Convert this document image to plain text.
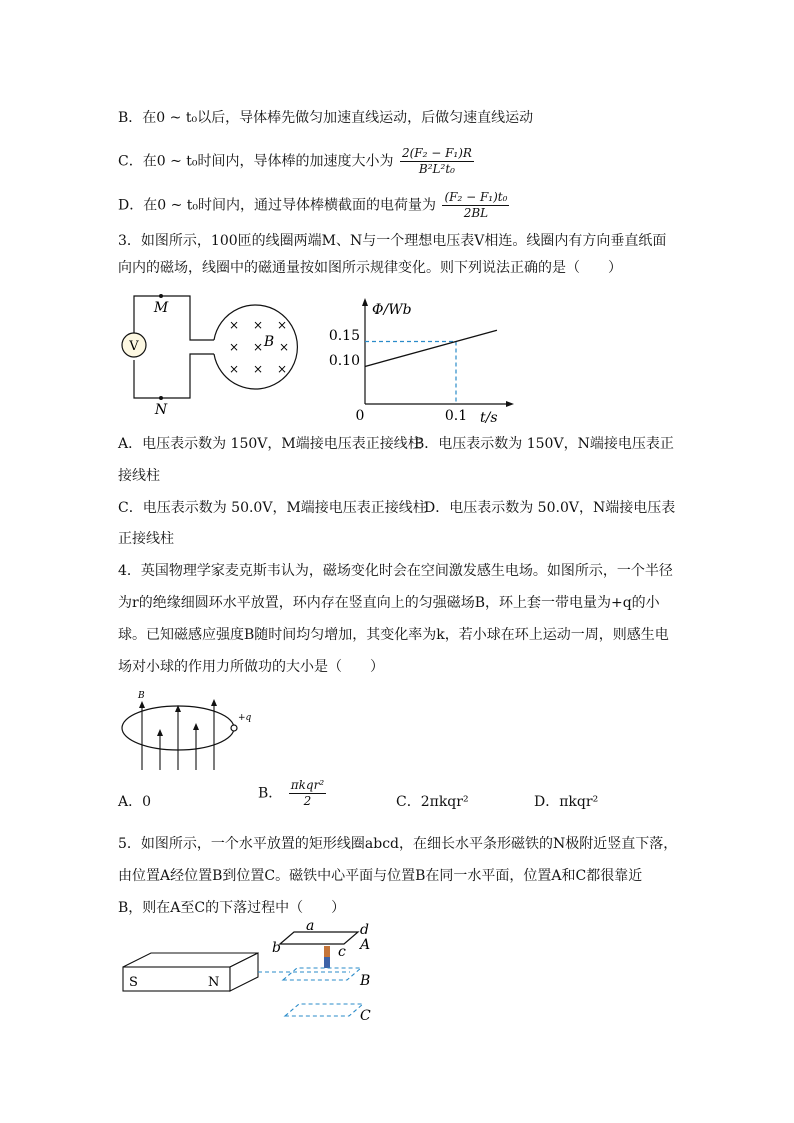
B．在0 ~ t₀以后，导体棒先做匀加速直线运动，后做匀速直线运动
C．在0 ~ t₀时间内，导体棒的加速度大小为 $\frac{\text{2(F₂ − F₁)R}}{\text{B²L²t₀}}$
D．在0 ~ t₀时间内，通过导体棒横截面的电荷量为 $\frac{\text{(F₂ − F₁)t₀}}{2BL}$
3．如图所示，100匝的线圈两端M、N与一个理想电压表V相连。线圈内有方向垂直纸面
向内的磁场，线圈中的磁通量按如图所示规律变化。则下列说法正确的是（　　）
V
M
N
× × ×
× × ×
× × ×
B
Φ/Wb
t/s
0.15
0.10
0	0.1
A．电压表示数为 150V，M端接电压表正接线柱
B．电压表示数为 150V，N端接电压表正
接线柱
C．电压表示数为 50.0V，M端接电压表正接线柱
D．电压表示数为 50.0V，N端接电压表
正接线柱
4．英国物理学家麦克斯韦认为，磁场变化时会在空间激发感生电场。如图所示，一个半径
为r的绝缘细圆环水平放置，环内存在竖直向上的匀强磁场B，环上套一带电量为+q的小
球。已知磁感应强度B随时间均匀增加，其变化率为k，若小球在环上运动一周，则感生电
场对小球的作用力所做功的大小是（　　）
+q
B
A．0
B． $\frac{\text{πkqr²}}{2}$	C．2πkqr²	D．πkqr²
5．如图所示，一个水平放置的矩形线圈abcd，在细长水平条形磁铁的N极附近竖直下落，
由位置A经位置B到位置C。磁铁中心平面与位置B在同一水平面，位置A和C都很靠近
B，则在A至C的下落过程中（　　）
S	N
a
b	c
d
A
B
C
